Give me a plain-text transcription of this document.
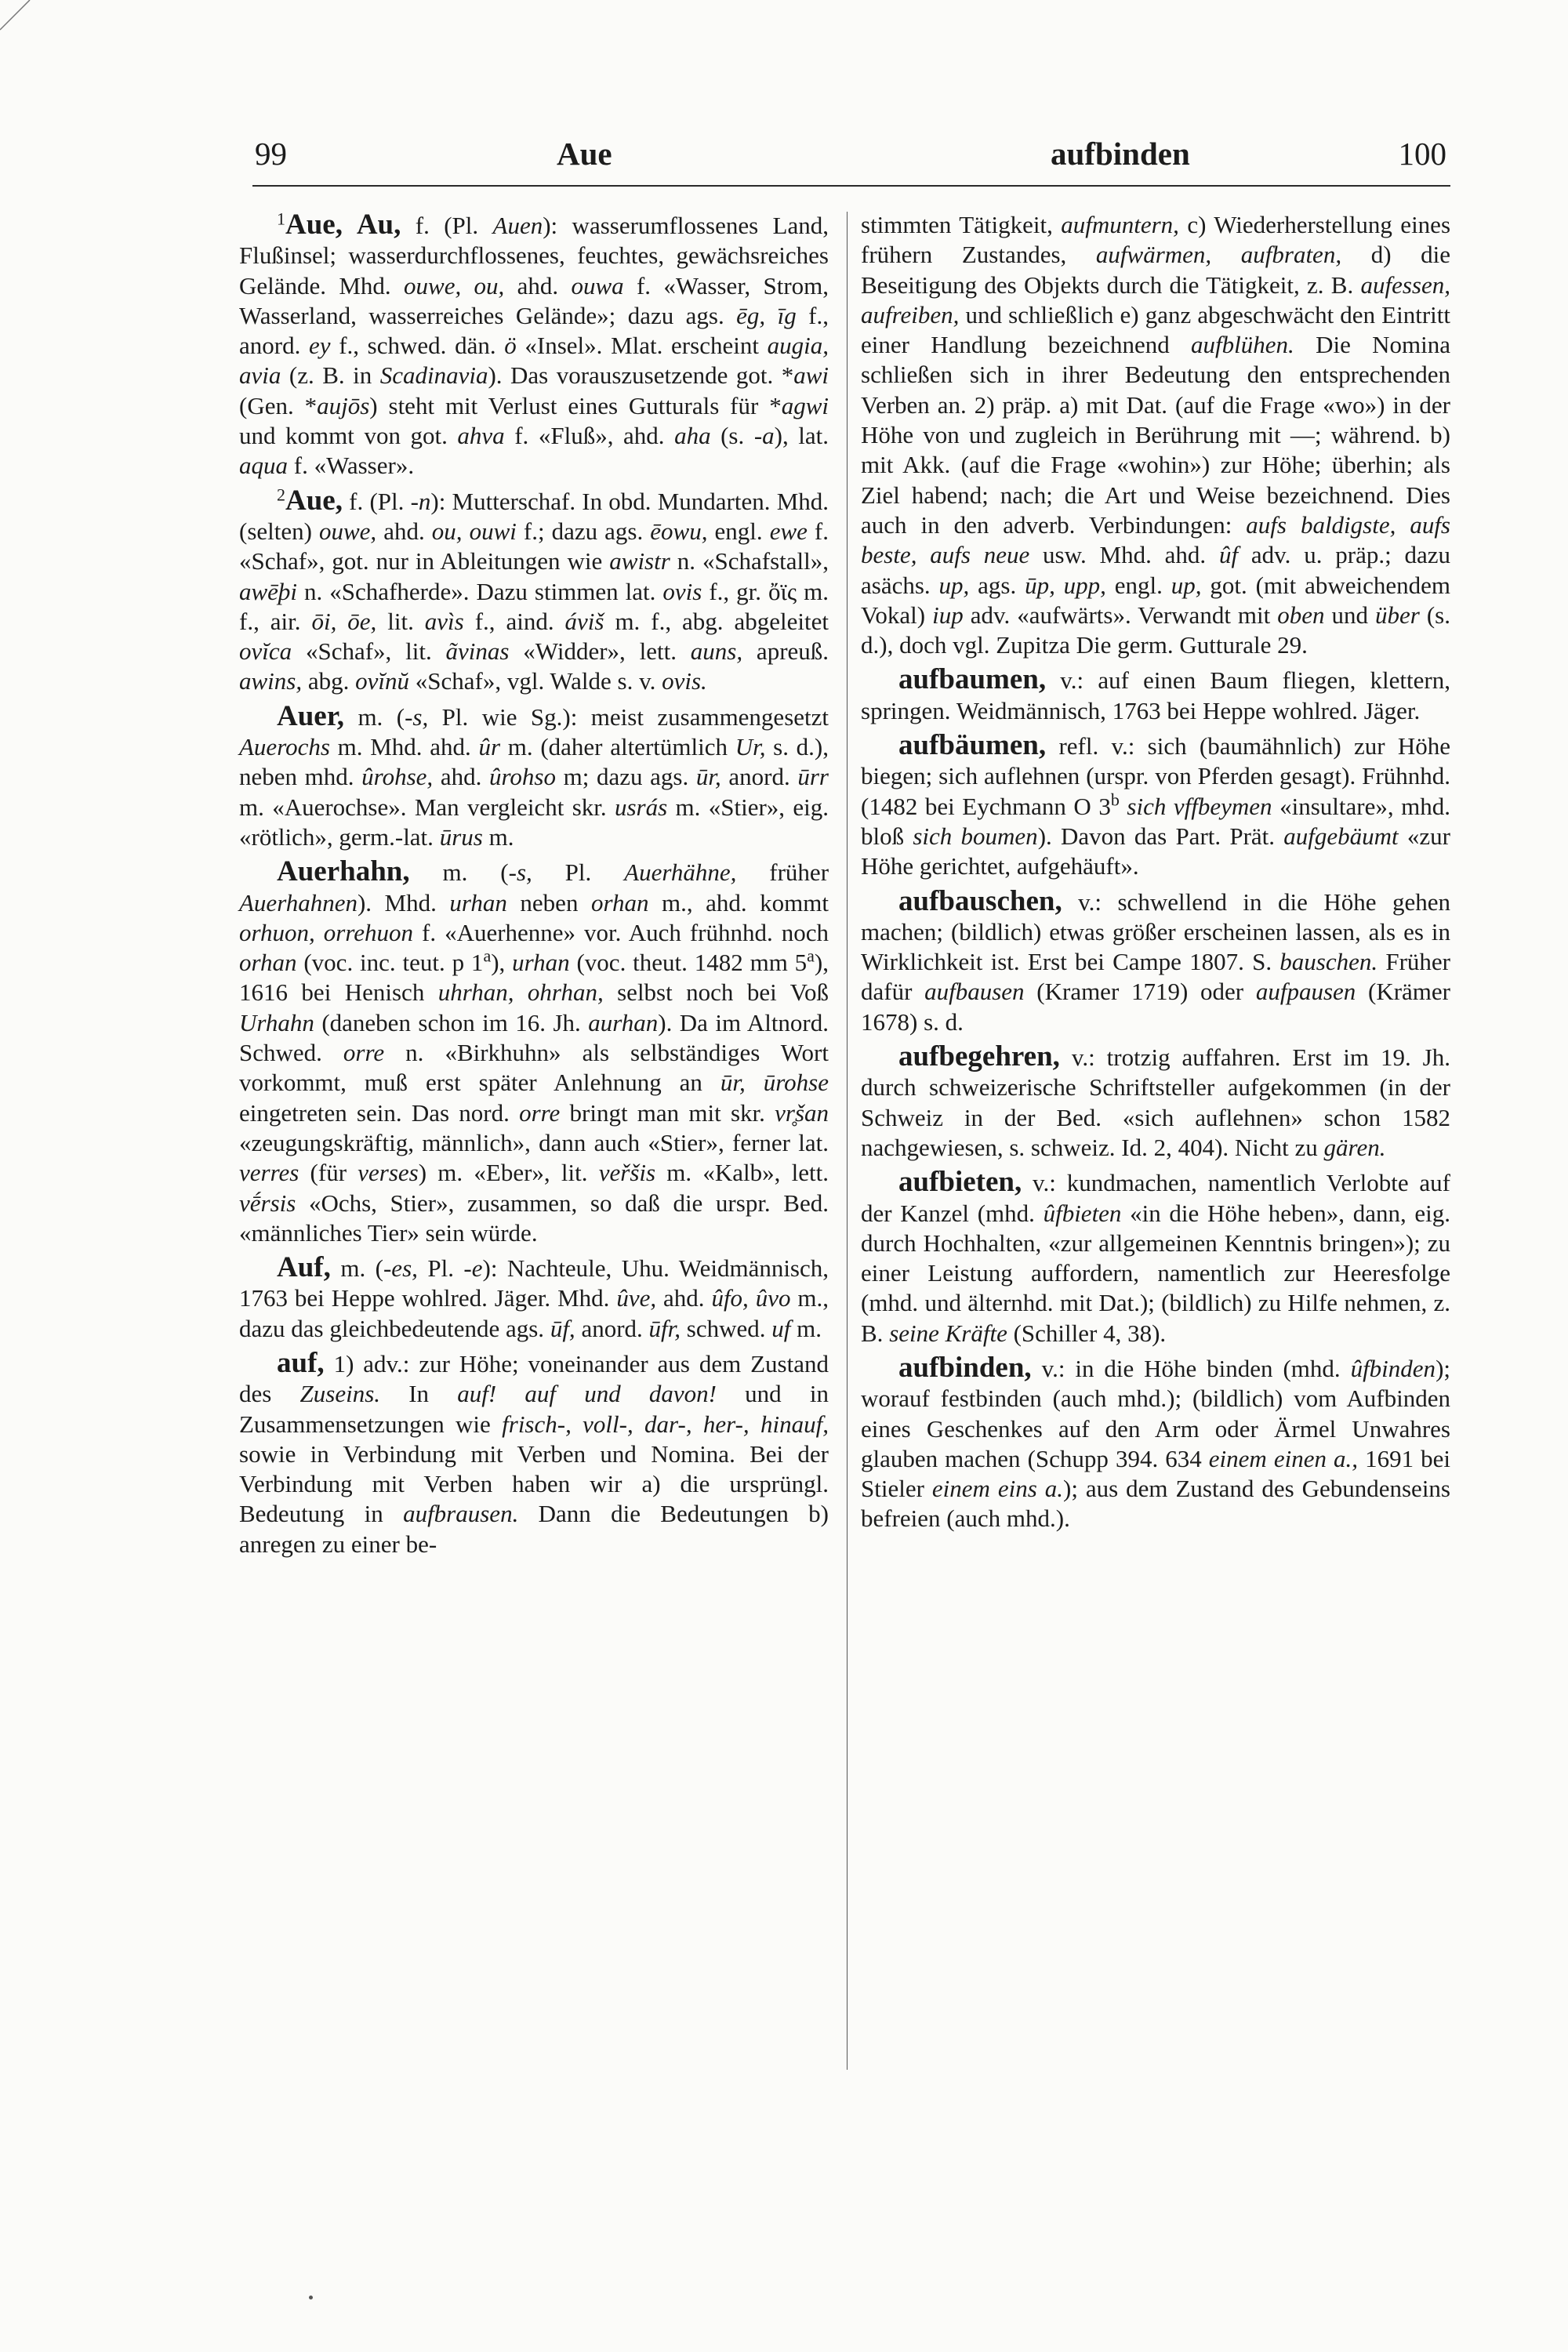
99	Aue	aufbinden	100

$^1$Aue, Au, f. (Pl. Auen): wasserumflossenes Land, Flußinsel; wasserdurchflossenes, feuchtes, gewächsreiches Gelände. Mhd. ouwe, ou, ahd. ouwa f. «Wasser, Strom, Wasserland, wasserreiches Gelände»; dazu ags. ēg, īg f., anord. ey f., schwed. dän. ö «Insel». Mlat. erscheint augia, avia (z. B. in Scadinavia). Das vorauszusetzende got. *awi (Gen. *aujōs) steht mit Verlust eines Gutturals für *agwi und kommt von got. ahva f. «Fluß», ahd. aha (s. -a), lat. aqua f. «Wasser».

$^2$Aue, f. (Pl. -n): Mutterschaf. In obd. Mundarten. Mhd. (selten) ouwe, ahd. ou, ouwi f.; dazu ags. ēowu, engl. ewe f. «Schaf», got. nur in Ableitungen wie awistr n. «Schafstall», awēþi n. «Schafherde». Dazu stimmen lat. ovis f., gr. ὄϊς m. f., air. ōi, ōe, lit. avìs f., aind. áviš m. f., abg. abgeleitet ovĭca «Schaf», lit. ãvinas «Widder», lett. auns, apreuß. awins, abg. ovĭnŭ «Schaf», vgl. Walde s. v. ovis.

Auer, m. (-s, Pl. wie Sg.): meist zusammengesetzt Auerochs m. Mhd. ahd. ûr m. (daher altertümlich Ur, s. d.), neben mhd. ûrohse, ahd. ûrohso m; dazu ags. ūr, anord. ūrr m. «Auerochse». Man vergleicht skr. usrás m. «Stier», eig. «rötlich», germ.-lat. ūrus m.

Auerhahn, m. (-s, Pl. Auerhähne, früher Auerhahnen). Mhd. urhan neben orhan m., ahd. kommt orhuon, orrehuon f. «Auerhenne» vor. Auch frühnhd. noch orhan (voc. inc. teut. p 1$^a$), urhan (voc. theut. 1482 mm 5$^a$), 1616 bei Henisch uhrhan, ohrhan, selbst noch bei Voß Urhahn (daneben schon im 16. Jh. aurhan). Da im Altnord. Schwed. orre n. «Birkhuhn» als selbständiges Wort vorkommt, muß erst später Anlehnung an ūr, ūrohse eingetreten sein. Das nord. orre bringt man mit skr. vr̥šan «zeugungskräftig, männlich», dann auch «Stier», ferner lat. verres (für verses) m. «Eber», lit. veřšis m. «Kalb», lett. vḗrsis «Ochs, Stier», zusammen, so daß die urspr. Bed. «männliches Tier» sein würde.

Auf, m. (-es, Pl. -e): Nachteule, Uhu. Weidmännisch, 1763 bei Heppe wohlred. Jäger. Mhd. ûve, ahd. ûfo, ûvo m., dazu das gleichbedeutende ags. ūf, anord. ūfr, schwed. uf m.

auf, 1) adv.: zur Höhe; voneinander aus dem Zustand des Zuseins. In auf! auf und davon! und in Zusammensetzungen wie frisch-, voll-, dar-, her-, hinauf, sowie in Verbindung mit Verben und Nomina. Bei der Verbindung mit Verben haben wir a) die ursprüngl. Bedeutung in aufbrausen. Dann die Bedeutungen b) anregen zu einer be-

stimmten Tätigkeit, aufmuntern, c) Wiederherstellung eines frühern Zustandes, aufwärmen, aufbraten, d) die Beseitigung des Objekts durch die Tätigkeit, z. B. aufessen, aufreiben, und schließlich e) ganz abgeschwächt den Eintritt einer Handlung bezeichnend aufblühen. Die Nomina schließen sich in ihrer Bedeutung den entsprechenden Verben an. 2) präp. a) mit Dat. (auf die Frage «wo») in der Höhe von und zugleich in Berührung mit —; während. b) mit Akk. (auf die Frage «wohin») zur Höhe; überhin; als Ziel habend; nach; die Art und Weise bezeichnend. Dies auch in den adverb. Verbindungen: aufs baldigste, aufs beste, aufs neue usw. Mhd. ahd. ûf adv. u. präp.; dazu asächs. up, ags. ūp, upp, engl. up, got. (mit abweichendem Vokal) iup adv. «aufwärts». Verwandt mit oben und über (s. d.), doch vgl. Zupitza Die germ. Gutturale 29.

aufbaumen, v.: auf einen Baum fliegen, klettern, springen. Weidmännisch, 1763 bei Heppe wohlred. Jäger.

aufbäumen, refl. v.: sich (baumähnlich) zur Höhe biegen; sich auflehnen (urspr. von Pferden gesagt). Frühnhd. (1482 bei Eychmann O 3$^b$ sich vffbeymen «insultare», mhd. bloß sich boumen). Davon das Part. Prät. aufgebäumt «zur Höhe gerichtet, aufgehäuft».

aufbauschen, v.: schwellend in die Höhe gehen machen; (bildlich) etwas größer erscheinen lassen, als es in Wirklichkeit ist. Erst bei Campe 1807. S. bauschen. Früher dafür aufbausen (Kramer 1719) oder aufpausen (Krämer 1678) s. d.

aufbegehren, v.: trotzig auffahren. Erst im 19. Jh. durch schweizerische Schriftsteller aufgekommen (in der Schweiz in der Bed. «sich auflehnen» schon 1582 nachgewiesen, s. schweiz. Id. 2, 404). Nicht zu gären.

aufbieten, v.: kundmachen, namentlich Verlobte auf der Kanzel (mhd. ûfbieten «in die Höhe heben», dann, eig. durch Hochhalten, «zur allgemeinen Kenntnis bringen»); zu einer Leistung auffordern, namentlich zur Heeresfolge (mhd. und älternhd. mit Dat.); (bildlich) zu Hilfe nehmen, z. B. seine Kräfte (Schiller 4, 38).

aufbinden, v.: in die Höhe binden (mhd. ûfbinden); worauf festbinden (auch mhd.); (bildlich) vom Aufbinden eines Geschenkes auf den Arm oder Ärmel Unwahres glauben machen (Schupp 394. 634 einem einen a., 1691 bei Stieler einem eins a.); aus dem Zustand des Gebundenseins befreien (auch mhd.).
